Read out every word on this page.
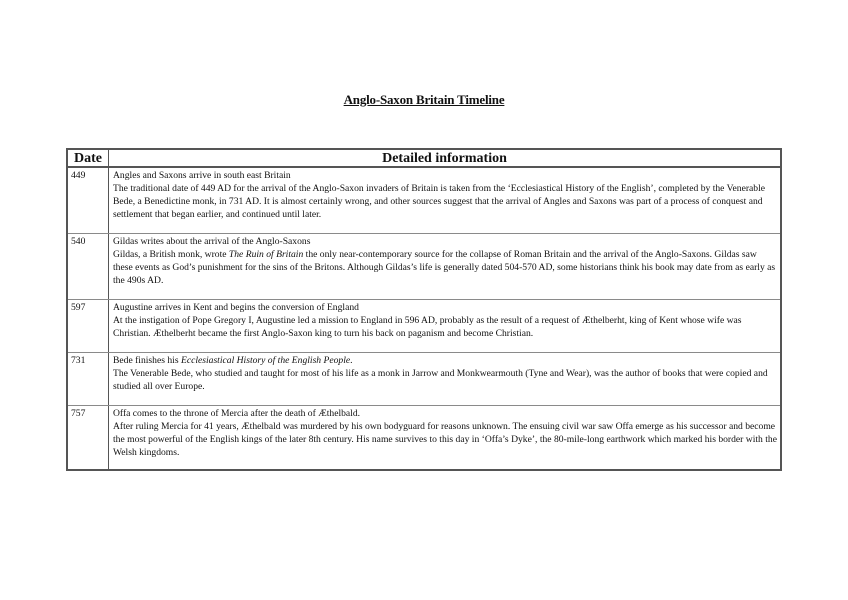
Anglo-Saxon Britain Timeline
Date	Detailed information
449	Angles and Saxons arrive in south east Britain
The traditional date of 449 AD for the arrival of the Anglo-Saxon invaders of Britain is taken from the ‘Ecclesiastical History of the English’, completed by the Venerable Bede, a Benedictine monk, in 731 AD. It is almost certainly wrong, and other sources suggest that the arrival of Angles and Saxons was part of a process of conquest and settlement that began earlier, and continued until later.

540	Gildas writes about the arrival of the Anglo-Saxons
Gildas, a British monk, wrote The Ruin of Britain the only near-contemporary source for the collapse of Roman Britain and the arrival of the Anglo-Saxons. Gildas saw these events as God’s punishment for the sins of the Britons. Although Gildas’s life is generally dated 504-570 AD, some historians think his book may date from as early as the 490s AD.

597	Augustine arrives in Kent and begins the conversion of England
At the instigation of Pope Gregory I, Augustine led a mission to England in 596 AD, probably as the result of a request of Æthelberht, king of Kent whose wife was Christian. Æthelberht became the first Anglo-Saxon king to turn his back on paganism and become Christian.

731	Bede finishes his Ecclesiastical History of the English People.
The Venerable Bede, who studied and taught for most of his life as a monk in Jarrow and Monkwearmouth (Tyne and Wear), was the author of books that were copied and studied all over Europe.

757	Offa comes to the throne of Mercia after the death of Æthelbald.
After ruling Mercia for 41 years, Æthelbald was murdered by his own bodyguard for reasons unknown. The ensuing civil war saw Offa emerge as his successor and become the most powerful of the English kings of the later 8th century. His name survives to this day in ‘Offa’s Dyke’, the 80-mile-long earthwork which marked his border with the Welsh kingdoms.
